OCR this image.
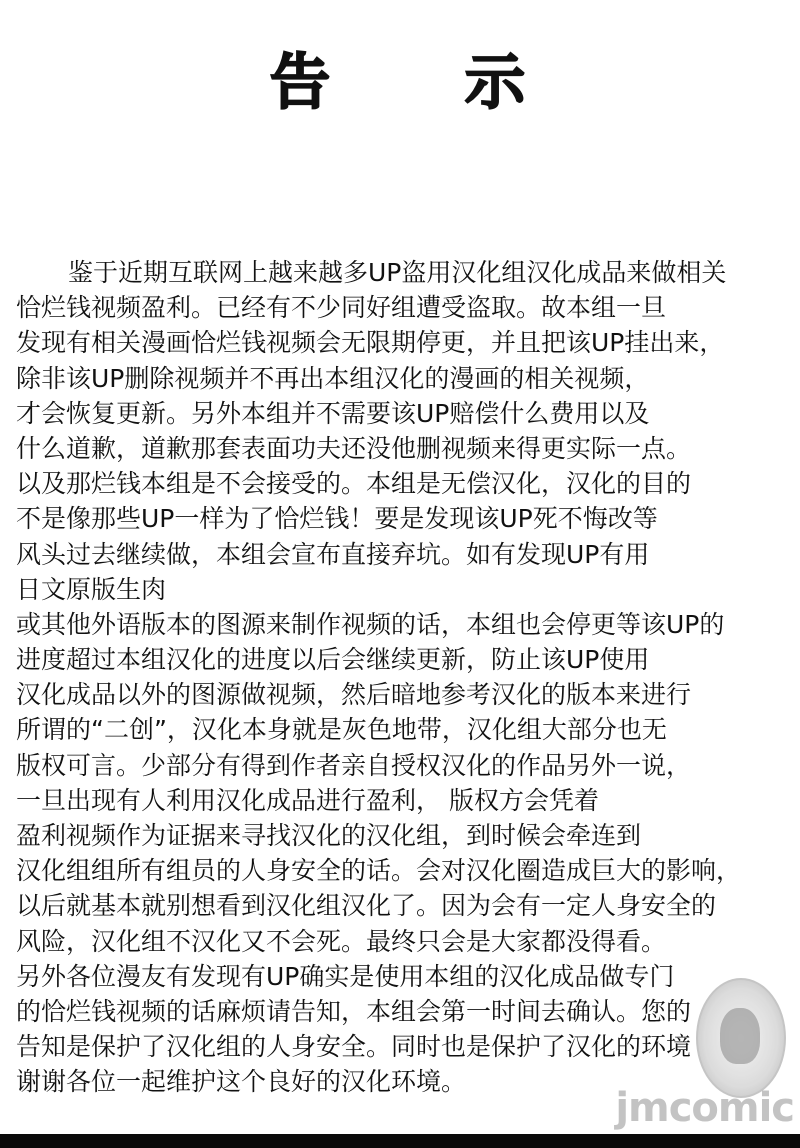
告 示
鉴于近期互联网上越来越多UP盗用汉化组汉化成品来做相关
恰烂钱视频盈利。已经有不少同好组遭受盗取。故本组一旦
发现有相关漫画恰烂钱视频会无限期停更，并且把该UP挂出来，
除非该UP删除视频并不再出本组汉化的漫画的相关视频，
才会恢复更新。另外本组并不需要该UP赔偿什么费用以及
什么道歉，道歉那套表面功夫还没他删视频来得更实际一点。
以及那烂钱本组是不会接受的。本组是无偿汉化，汉化的目的
不是像那些UP一样为了恰烂钱！要是发现该UP死不悔改等
风头过去继续做，本组会宣布直接弃坑。如有发现UP有用
日文原版生肉
或其他外语版本的图源来制作视频的话，本组也会停更等该UP的
进度超过本组汉化的进度以后会继续更新，防止该UP使用
汉化成品以外的图源做视频，然后暗地参考汉化的版本来进行
所谓的“二创”，汉化本身就是灰色地带，汉化组大部分也无
版权可言。少部分有得到作者亲自授权汉化的作品另外一说，
一旦出现有人利用汉化成品进行盈利， 版权方会凭着
盈利视频作为证据来寻找汉化的汉化组，到时候会牵连到
汉化组组所有组员的人身安全的话。会对汉化圈造成巨大的影响，
以后就基本就别想看到汉化组汉化了。因为会有一定人身安全的
风险，汉化组不汉化又不会死。最终只会是大家都没得看。
另外各位漫友有发现有UP确实是使用本组的汉化成品做专门
的恰烂钱视频的话麻烦请告知，本组会第一时间去确认。您的
告知是保护了汉化组的人身安全。同时也是保护了汉化的环境
谢谢各位一起维护这个良好的汉化环境。
jmcomic
